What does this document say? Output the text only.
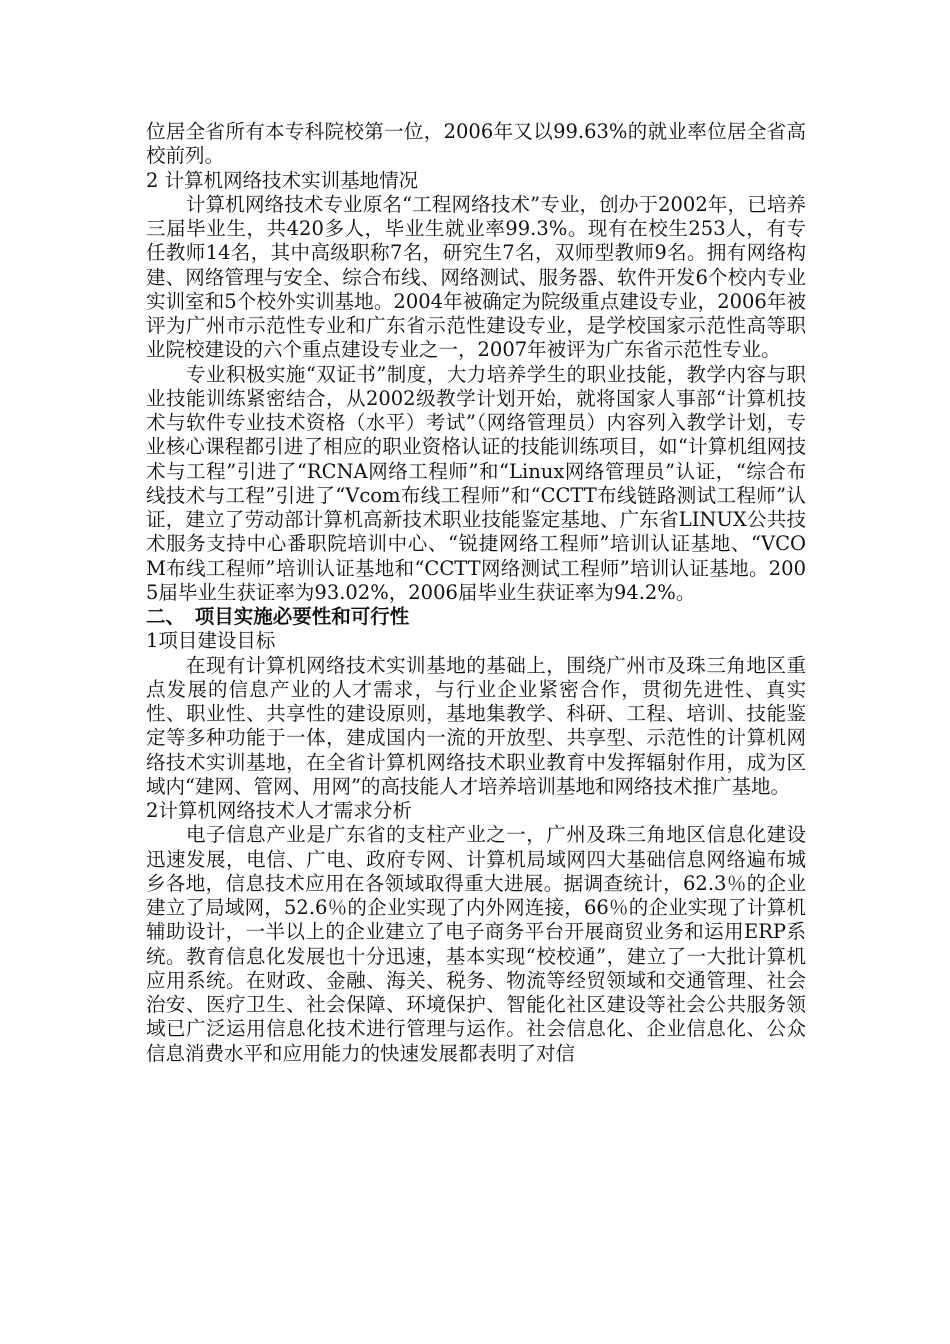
位居全省所有本专科院校第一位，2006年又以99.63%的就业率位居全省高校前列。

2 计算机网络技术实训基地情况

计算机网络技术专业原名“工程网络技术”专业，创办于2002年，已培养三届毕业生，共420多人，毕业生就业率99.3%。现有在校生253人，有专任教师14名，其中高级职称7名，研究生7名，双师型教师9名。拥有网络构建、网络管理与安全、综合布线、网络测试、服务器、软件开发6个校内专业实训室和5个校外实训基地。2004年被确定为院级重点建设专业，2006年被评为广州市示范性专业和广东省示范性建设专业，是学校国家示范性高等职业院校建设的六个重点建设专业之一，2007年被评为广东省示范性专业。

专业积极实施“双证书”制度，大力培养学生的职业技能，教学内容与职业技能训练紧密结合，从2002级教学计划开始，就将国家人事部“计算机技术与软件专业技术资格（水平）考试”（网络管理员）内容列入教学计划，专业核心课程都引进了相应的职业资格认证的技能训练项目，如“计算机组网技术与工程”引进了“RCNA网络工程师”和“Linux网络管理员”认证，“综合布线技术与工程”引进了“Vcom布线工程师”和“CCTT布线链路测试工程师”认证，建立了劳动部计算机高新技术职业技能鉴定基地、广东省LINUX公共技术服务支持中心番职院培训中心、“锐捷网络工程师”培训认证基地、“VCOM布线工程师”培训认证基地和“CCTT网络测试工程师”培训认证基地。2005届毕业生获证率为93.02%，2006届毕业生获证率为94.2%。

二、　项目实施必要性和可行性
1项目建设目标

在现有计算机网络技术实训基地的基础上，围绕广州市及珠三角地区重点发展的信息产业的人才需求，与行业企业紧密合作，贯彻先进性、真实性、职业性、共享性的建设原则，基地集教学、科研、工程、培训、技能鉴定等多种功能于一体，建成国内一流的开放型、共享型、示范性的计算机网络技术实训基地，在全省计算机网络技术职业教育中发挥辐射作用，成为区域内“建网、管网、用网”的高技能人才培养培训基地和网络技术推广基地。

2计算机网络技术人才需求分析

电子信息产业是广东省的支柱产业之一，广州及珠三角地区信息化建设迅速发展，电信、广电、政府专网、计算机局域网四大基础信息网络遍布城乡各地，信息技术应用在各领域取得重大进展。据调查统计，62.3％的企业建立了局域网，52.6％的企业实现了内外网连接，66％的企业实现了计算机辅助设计，一半以上的企业建立了电子商务平台开展商贸业务和运用ERP系统。教育信息化发展也十分迅速，基本实现“校校通”，建立了一大批计算机应用系统。在财政、金融、海关、税务、物流等经贸领域和交通管理、社会治安、医疗卫生、社会保障、环境保护、智能化社区建设等社会公共服务领域已广泛运用信息化技术进行管理与运作。社会信息化、企业信息化、公众信息消费水平和应用能力的快速发展都表明了对信
